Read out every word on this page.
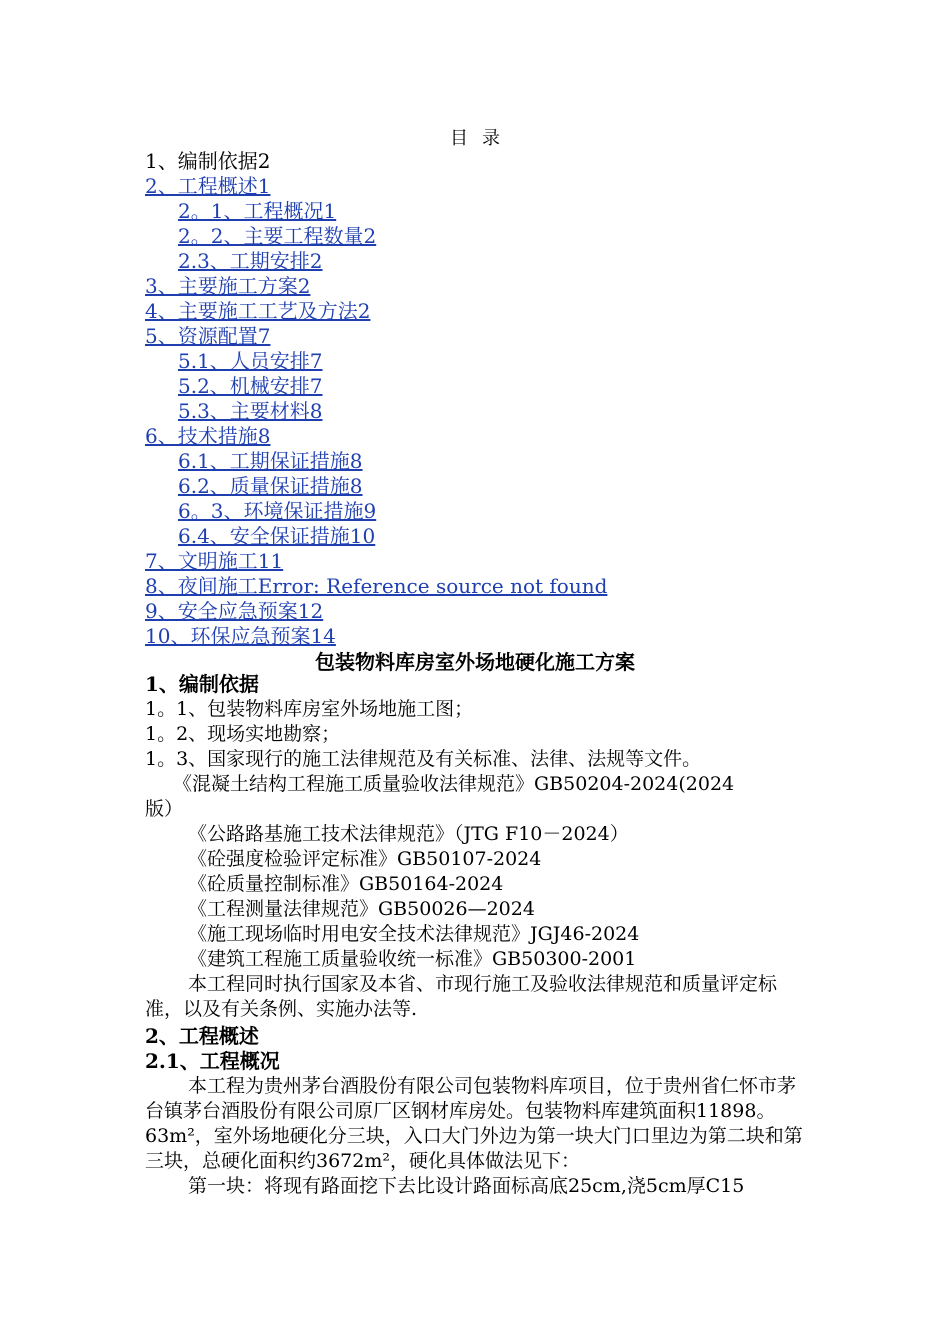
目录
1、编制依据2
2、工程概述1
2。1、工程概况1
2。2、主要工程数量2
2.3、工期安排2
3、主要施工方案2
4、主要施工工艺及方法2
5、资源配置7
5.1、人员安排7
5.2、机械安排7
5.3、主要材料8
6、技术措施8
6.1、工期保证措施8
6.2、质量保证措施8
6。3、环境保证措施9
6.4、安全保证措施10
7、文明施工11
8、夜间施工Error: Reference source not found
9、安全应急预案12
10、环保应急预案14
包装物料库房室外场地硬化施工方案

1、编制依据

1。1、包装物料库房室外场地施工图；

1。2、现场实地勘察；

1。3、国家现行的施工法律规范及有关标准、法律、法规等文件。

《混凝土结构工程施工质量验收法律规范》GB50204-2024(2024

版）

《公路路基施工技术法律规范》（JTG F10－2024）

《砼强度检验评定标准》GB50107-2024

《砼质量控制标准》GB50164-2024

《工程测量法律规范》GB50026—2024

《施工现场临时用电安全技术法律规范》JGJ46-2024

《建筑工程施工质量验收统一标准》GB50300-2001

本工程同时执行国家及本省、市现行施工及验收法律规范和质量评定标准，以及有关条例、实施办法等.

2、工程概述

2.1、工程概况

本工程为贵州茅台酒股份有限公司包装物料库项目，位于贵州省仁怀市茅台镇茅台酒股份有限公司原厂区钢材库房处。包装物料库建筑面积11898。63m²，室外场地硬化分三块，入口大门外边为第一块大门口里边为第二块和第三块，总硬化面积约3672m²，硬化具体做法见下：

第一块：将现有路面挖下去比设计路面标高底25cm,浇5cm厚C15
